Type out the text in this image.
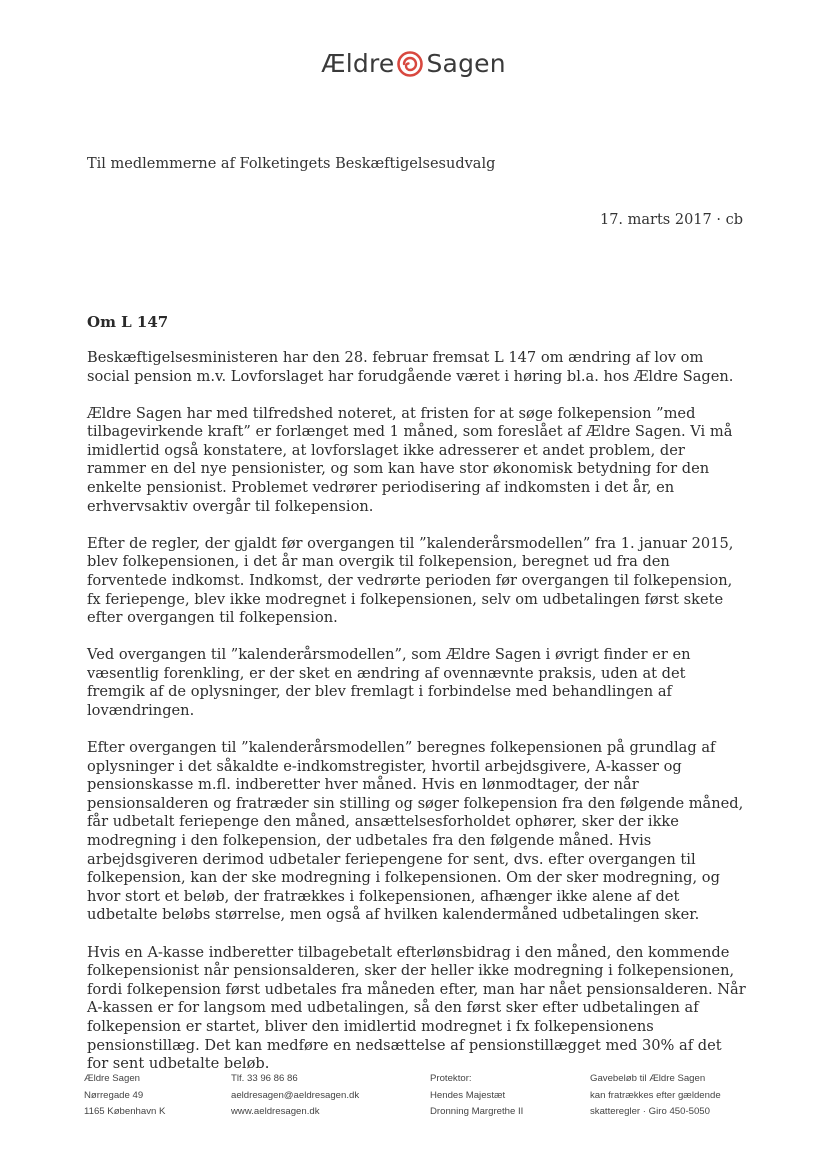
Ældre Sagen
Til medlemmerne af Folketingets Beskæftigelsesudvalg
17. marts 2017 · cb
Om L 147

Beskæftigelsesministeren har den 28. februar fremsat L 147 om ændring af lov om social pension m.v. Lovforslaget har forudgående været i høring bl.a. hos Ældre Sagen.

Ældre Sagen har med tilfredshed noteret, at fristen for at søge folkepension ”med tilbagevirkende kraft” er forlænget med 1 måned, som foreslået af Ældre Sagen. Vi må imidlertid også konstatere, at lovforslaget ikke adresserer et andet problem, der rammer en del nye pensionister, og som kan have stor økonomisk betydning for den enkelte pensionist. Problemet vedrører periodisering af indkomsten i det år, en erhvervsaktiv overgår til folkepension.

Efter de regler, der gjaldt før overgangen til ”kalenderårsmodellen” fra 1. januar 2015, blev folkepensionen, i det år man overgik til folkepension, beregnet ud fra den forventede indkomst. Indkomst, der vedrørte perioden før overgangen til folkepension, fx feriepenge, blev ikke modregnet i folkepensionen, selv om udbetalingen først skete efter overgangen til folkepension.

Ved overgangen til ”kalenderårsmodellen”, som Ældre Sagen i øvrigt finder er en væsentlig forenkling, er der sket en ændring af ovennævnte praksis, uden at det fremgik af de oplysninger, der blev fremlagt i forbindelse med behandlingen af lovændringen.

Efter overgangen til ”kalenderårsmodellen” beregnes folkepensionen på grundlag af oplysninger i det såkaldte e-indkomstregister, hvortil arbejdsgivere, A-kasser og pensionskasse m.fl. indberetter hver måned. Hvis en lønmodtager, der når pensionsalderen og fratræder sin stilling og søger folkepension fra den følgende måned, får udbetalt feriepenge den måned, ansættelsesforholdet ophører, sker der ikke modregning i den folkepension, der udbetales fra den følgende måned. Hvis arbejdsgiveren derimod udbetaler feriepengene for sent, dvs. efter overgangen til folkepension, kan der ske modregning i folkepensionen. Om der sker modregning, og hvor stort et beløb, der fratrækkes i folkepensionen, afhænger ikke alene af det udbetalte beløbs størrelse, men også af hvilken kalendermåned udbetalingen sker.

Hvis en A-kasse indberetter tilbagebetalt efterlønsbidrag i den måned, den kommende folkepensionist når pensionsalderen, sker der heller ikke modregning i folkepensionen, fordi folkepension først udbetales fra måneden efter, man har nået pensionsalderen. Når A-kassen er for langsom med udbetalingen, så den først sker efter udbetalingen af folkepension er startet, bliver den imidlertid modregnet i fx folkepensionens pensionstillæg. Det kan medføre en nedsættelse af pensionstillægget med 30% af det for sent udbetalte beløb.

Ældre Sagen
Nørregade 49
1165 København K
Tlf. 33 96 86 86
aeldresagen@aeldresagen.dk
www.aeldresagen.dk
Protektor:
Hendes Majestæt
Dronning Margrethe II
Gavebeløb til Ældre Sagen
kan fratrækkes efter gældende
skatteregler · Giro 450-5050
